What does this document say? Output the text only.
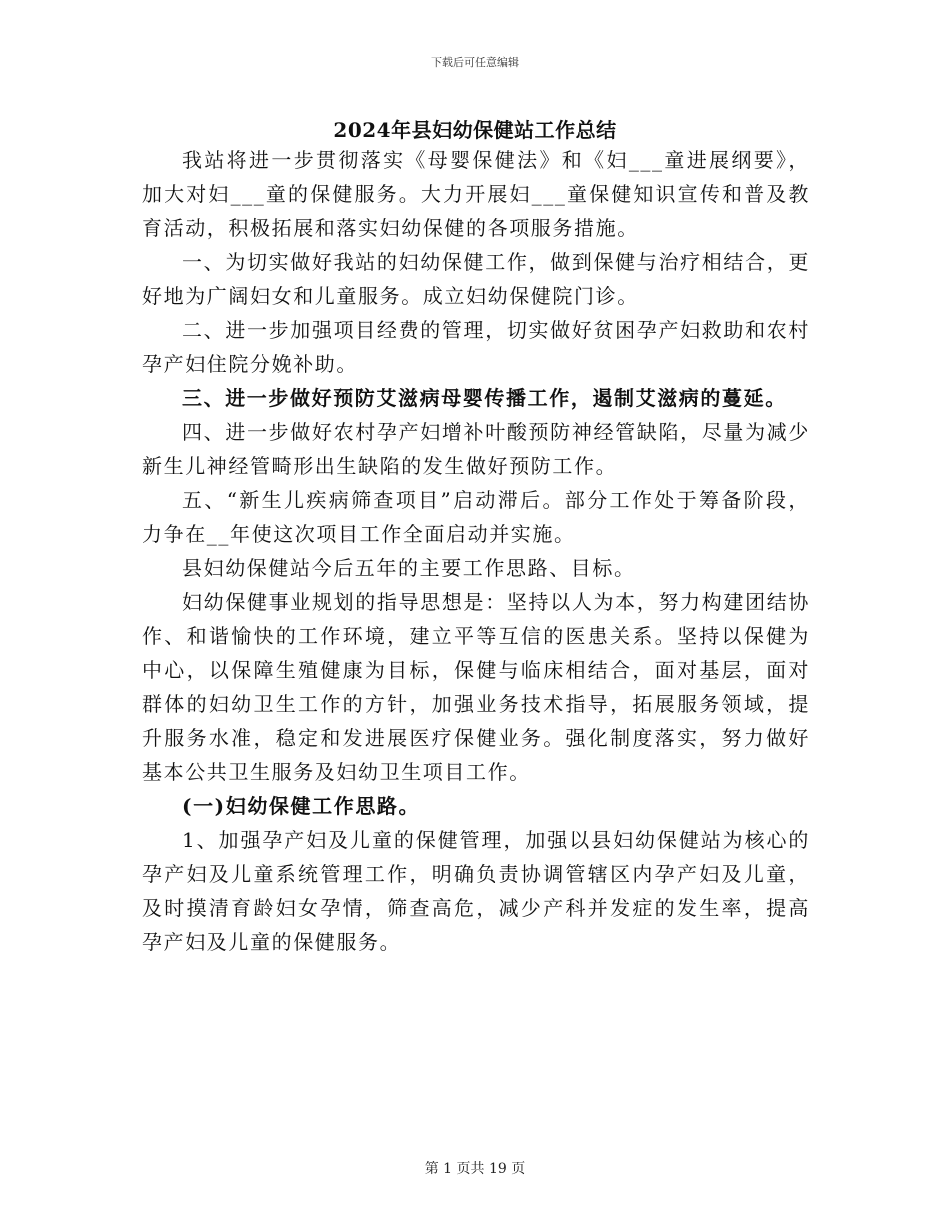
下载后可任意编辑
2024年县妇幼保健站工作总结

我站将进一步贯彻落实《母婴保健法》和《妇___童进展纲要》，加大对妇___童的保健服务。大力开展妇___童保健知识宣传和普及教育活动，积极拓展和落实妇幼保健的各项服务措施。

一、为切实做好我站的妇幼保健工作，做到保健与治疗相结合，更好地为广阔妇女和儿童服务。成立妇幼保健院门诊。

二、进一步加强项目经费的管理，切实做好贫困孕产妇救助和农村孕产妇住院分娩补助。

三、进一步做好预防艾滋病母婴传播工作，遏制艾滋病的蔓延。

四、进一步做好农村孕产妇增补叶酸预防神经管缺陷，尽量为减少新生儿神经管畸形出生缺陷的发生做好预防工作。

五、“新生儿疾病筛查项目”启动滞后。部分工作处于筹备阶段，力争在__年使这次项目工作全面启动并实施。

县妇幼保健站今后五年的主要工作思路、目标。

妇幼保健事业规划的指导思想是：坚持以人为本，努力构建团结协作、和谐愉快的工作环境，建立平等互信的医患关系。坚持以保健为中心，以保障生殖健康为目标，保健与临床相结合，面对基层，面对群体的妇幼卫生工作的方针，加强业务技术指导，拓展服务领域，提升服务水准，稳定和发进展医疗保健业务。强化制度落实，努力做好基本公共卫生服务及妇幼卫生项目工作。

(一)妇幼保健工作思路。

1、加强孕产妇及儿童的保健管理，加强以县妇幼保健站为核心的孕产妇及儿童系统管理工作，明确负责协调管辖区内孕产妇及儿童，及时摸清育龄妇女孕情，筛查高危，减少产科并发症的发生率，提高孕产妇及儿童的保健服务。

第 1 页共 19 页
